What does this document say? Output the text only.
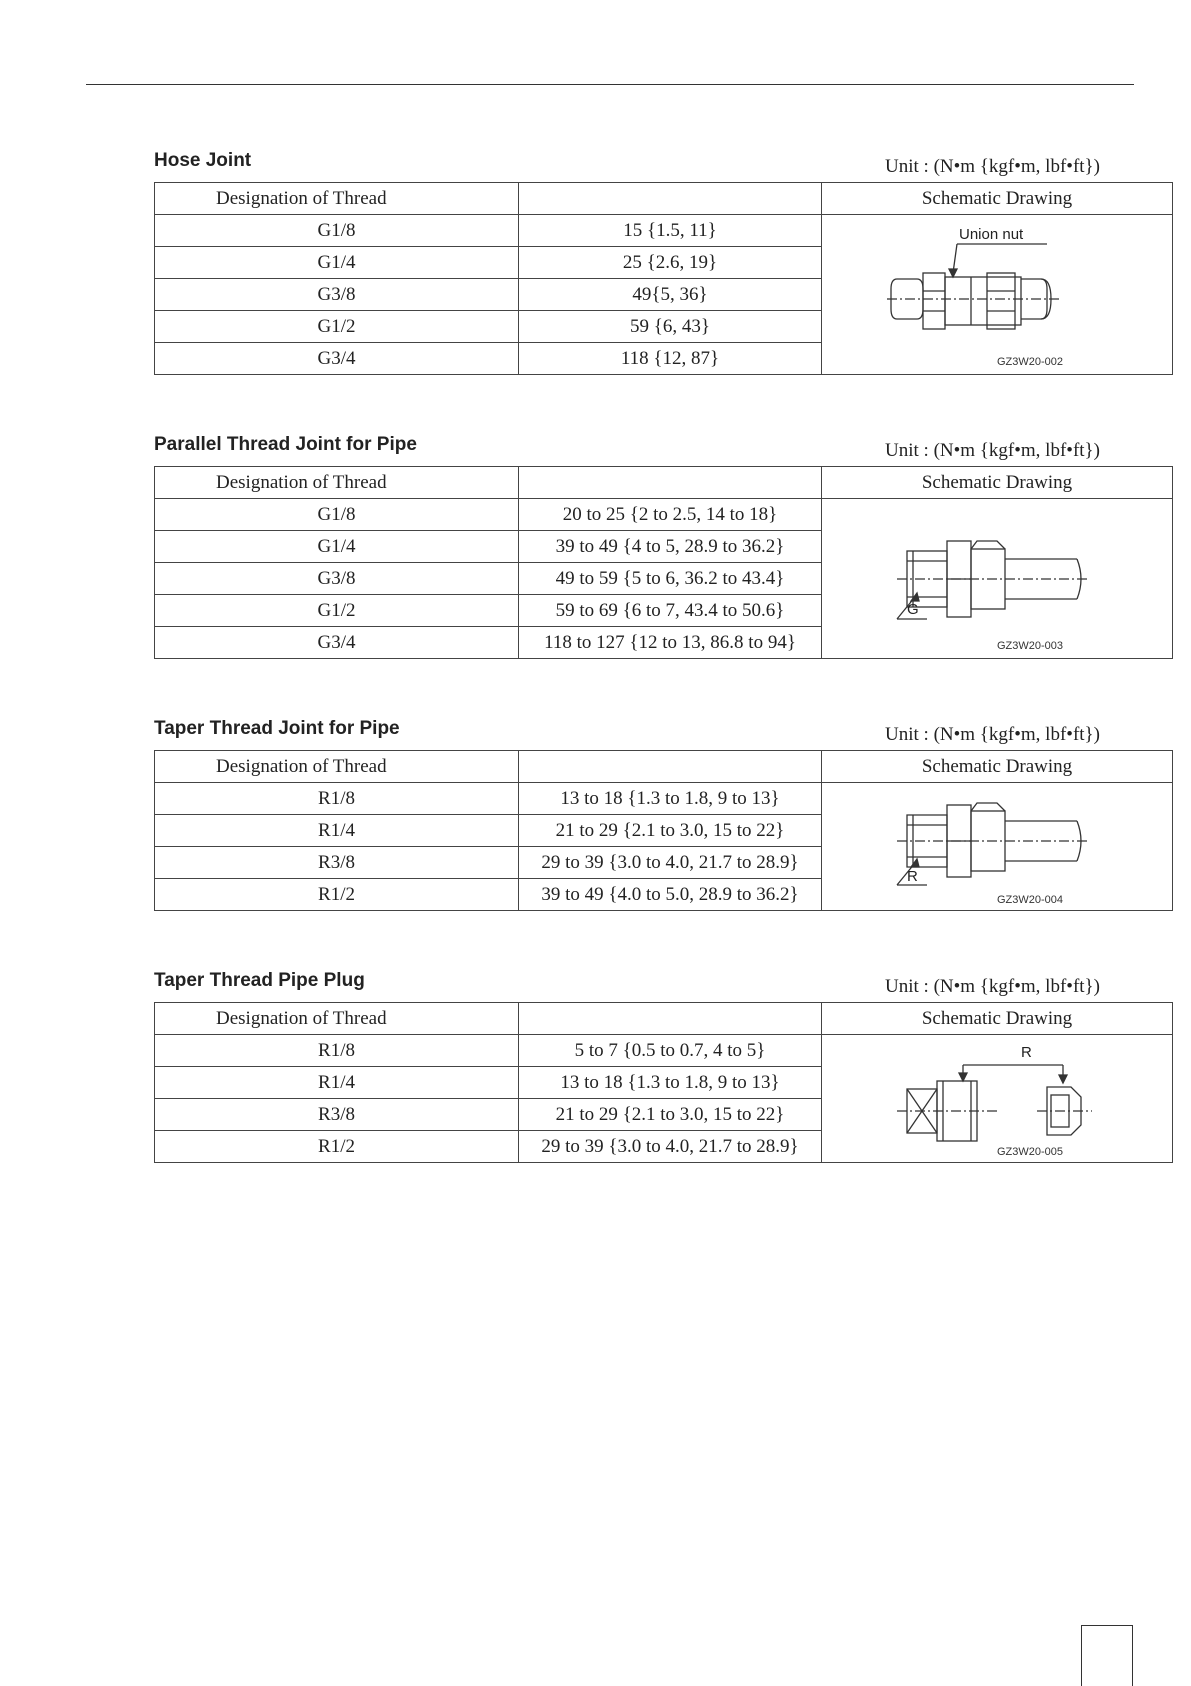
Hose Joint	Unit : (N•m {kgf•m, lbf•ft})
Designation of Thread		Schematic Drawing
G1/8	15 {1.5, 11}	Union nut
GZ3W20-002

G1/4	25 {2.6, 19}	
G3/8	49{5, 36}	
G1/2	59 {6, 43}	
G3/4	118 {12, 87}	
Parallel Thread Joint for Pipe	Unit : (N•m {kgf•m, lbf•ft})
Designation of Thread		Schematic Drawing
G1/8	20 to 25 {2 to 2.5, 14 to 18}	G
GZ3W20-003

G1/4	39 to 49 {4 to 5, 28.9 to 36.2}	
G3/8	49 to 59 {5 to 6, 36.2 to 43.4}	
G1/2	59 to 69 {6 to 7, 43.4 to 50.6}	
G3/4	118 to 127 {12 to 13, 86.8 to 94}	
Taper Thread Joint for Pipe	Unit : (N•m {kgf•m, lbf•ft})
Designation of Thread		Schematic Drawing
R1/8	13 to 18 {1.3 to 1.8, 9 to 13}	R
GZ3W20-004

R1/4	21 to 29 {2.1 to 3.0, 15 to 22}	
R3/8	29 to 39 {3.0 to 4.0, 21.7 to 28.9}	
R1/2	39 to 49 {4.0 to 5.0, 28.9 to 36.2}	
Taper Thread Pipe Plug	Unit : (N•m {kgf•m, lbf•ft})
Designation of Thread		Schematic Drawing
R1/8	5 to 7 {0.5 to 0.7, 4 to 5}	R
GZ3W20-005

R1/4	13 to 18 {1.3 to 1.8, 9 to 13}	
R3/8	21 to 29 {2.1 to 3.0, 15 to 22}	
R1/2	29 to 39 {3.0 to 4.0, 21.7 to 28.9}	
